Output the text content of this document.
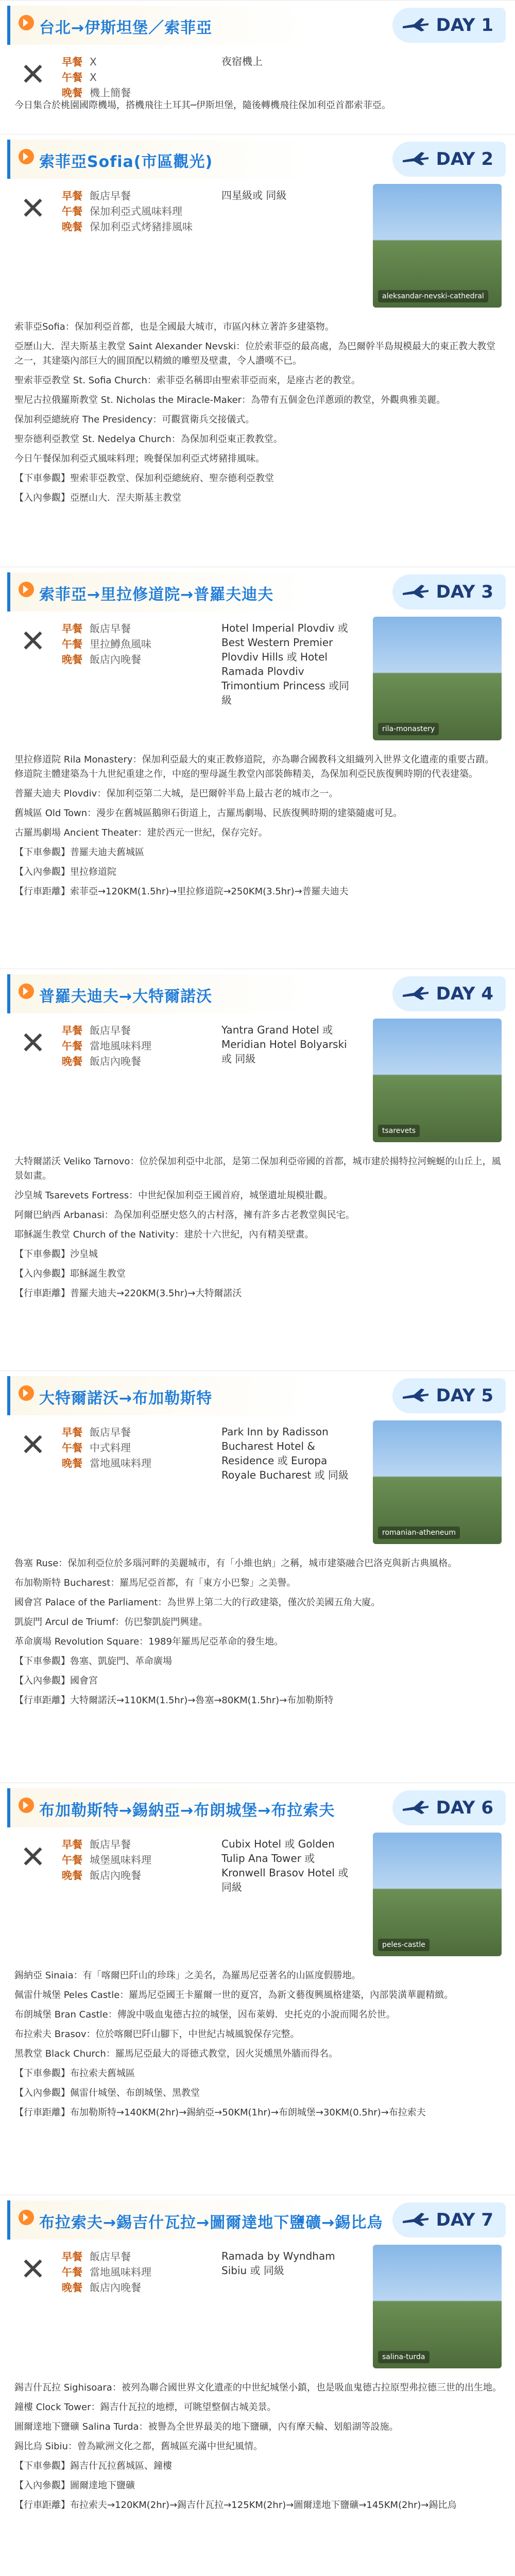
台北→伊斯坦堡／索菲亞	DAY 1
✕	早餐 X
午餐 X
晚餐 機上簡餐
夜宿機上

今日集合於桃園國際機場，搭機飛往土耳其─伊斯坦堡，隨後轉機飛往保加利亞首都索菲亞。

索菲亞Sofia(市區觀光)	DAY 2
✕	早餐 飯店早餐
午餐 保加利亞式風味料理
晚餐 保加利亞式烤豬排風味
四星級或 同級
aleksandar-nevski-cathedral

索菲亞Sofia：保加利亞首都，也是全國最大城市，市區內林立著許多建築物。

亞歷山大．涅夫斯基主教堂 Saint Alexander Nevski：位於索菲亞的最高處，為巴爾幹半島規模最大的東正教大教堂之一，其建築內部巨大的圓頂配以精緻的雕塑及壁畫，令人讚嘆不已。

聖索菲亞教堂 St. Sofia Church：索菲亞名稱即由聖索菲亞而來，是座古老的教堂。

聖尼古拉俄羅斯教堂 St. Nicholas the Miracle-Maker：為帶有五個金色洋蔥頭的教堂，外觀典雅美麗。

保加利亞總統府 The Presidency：可觀賞衛兵交接儀式。

聖奈德利亞教堂 St. Nedelya Church：為保加利亞東正教教堂。

今日午餐保加利亞式風味料理；晚餐保加利亞式烤豬排風味。

【下車參觀】聖索菲亞教堂、保加利亞總統府、聖奈德利亞教堂

【入內參觀】亞歷山大．涅夫斯基主教堂

索菲亞→里拉修道院→普羅夫迪夫	DAY 3
✕	早餐 飯店早餐
午餐 里拉鱒魚風味
晚餐 飯店內晚餐
Hotel Imperial Plovdiv 或 Best Western Premier Plovdiv Hills 或 Hotel Ramada Plovdiv Trimontium Princess 或同級
rila-monastery

里拉修道院 Rila Monastery：保加利亞最大的東正教修道院，亦為聯合國教科文組織列入世界文化遺產的重要古蹟。修道院主體建築為十九世紀重建之作，中庭的聖母誕生教堂內部裝飾精美，為保加利亞民族復興時期的代表建築。

普羅夫迪夫 Plovdiv：保加利亞第二大城，是巴爾幹半島上最古老的城市之一。

舊城區 Old Town：漫步在舊城區鵝卵石街道上，古羅馬劇場、民族復興時期的建築隨處可見。

古羅馬劇場 Ancient Theater：建於西元一世紀，保存完好。

【下車參觀】普羅夫迪夫舊城區

【入內參觀】里拉修道院

【行車距離】索菲亞→120KM(1.5hr)→里拉修道院→250KM(3.5hr)→普羅夫迪夫

普羅夫迪夫→大特爾諾沃	DAY 4
✕	早餐 飯店早餐
午餐 當地風味料理
晚餐 飯店內晚餐
Yantra Grand Hotel 或 Meridian Hotel Bolyarski 或 同級
tsarevets

大特爾諾沃 Veliko Tarnovo：位於保加利亞中北部，是第二保加利亞帝國的首都，城市建於揚特拉河蜿蜒的山丘上，風景如畫。

沙皇城 Tsarevets Fortress：中世紀保加利亞王國首府，城堡遺址規模壯觀。

阿爾巴納西 Arbanasi：為保加利亞歷史悠久的古村落，擁有許多古老教堂與民宅。

耶穌誕生教堂 Church of the Nativity：建於十六世紀，內有精美壁畫。

【下車參觀】沙皇城

【入內參觀】耶穌誕生教堂

【行車距離】普羅夫迪夫→220KM(3.5hr)→大特爾諾沃

大特爾諾沃→布加勒斯特	DAY 5
✕	早餐 飯店早餐
午餐 中式料理
晚餐 當地風味料理
Park Inn by Radisson Bucharest Hotel & Residence 或 Europa Royale Bucharest 或 同級
romanian-atheneum

魯塞 Ruse：保加利亞位於多瑙河畔的美麗城市，有「小維也納」之稱，城市建築融合巴洛克與新古典風格。

布加勒斯特 Bucharest：羅馬尼亞首都，有「東方小巴黎」之美譽。

國會宮 Palace of the Parliament：為世界上第二大的行政建築，僅次於美國五角大廈。

凱旋門 Arcul de Triumf：仿巴黎凱旋門興建。

革命廣場 Revolution Square：1989年羅馬尼亞革命的發生地。

【下車參觀】魯塞、凱旋門、革命廣場

【入內參觀】國會宮

【行車距離】大特爾諾沃→110KM(1.5hr)→魯塞→80KM(1.5hr)→布加勒斯特

布加勒斯特→錫納亞→布朗城堡→布拉索夫	DAY 6
✕	早餐 飯店早餐
午餐 城堡風味料理
晚餐 飯店內晚餐
Cubix Hotel 或 Golden Tulip Ana Tower 或 Kronwell Brasov Hotel 或 同級
peles-castle

錫納亞 Sinaia：有「喀爾巴阡山的珍珠」之美名，為羅馬尼亞著名的山區度假勝地。

佩雷什城堡 Peles Castle：羅馬尼亞國王卡羅爾一世的夏宮，為新文藝復興風格建築，內部裝潢華麗精緻。

布朗城堡 Bran Castle：傳說中吸血鬼德古拉的城堡，因布萊姆．史托克的小說而聞名於世。

布拉索夫 Brasov：位於喀爾巴阡山腳下，中世紀古城風貌保存完整。

黑教堂 Black Church：羅馬尼亞最大的哥德式教堂，因火災燻黑外牆而得名。

【下車參觀】布拉索夫舊城區

【入內參觀】佩雷什城堡、布朗城堡、黑教堂

【行車距離】布加勒斯特→140KM(2hr)→錫納亞→50KM(1hr)→布朗城堡→30KM(0.5hr)→布拉索夫

布拉索夫→錫吉什瓦拉→圖爾達地下鹽礦→錫比烏	DAY 7
✕	早餐 飯店早餐
午餐 當地風味料理
晚餐 飯店內晚餐
Ramada by Wyndham Sibiu 或 同級
salina-turda

錫吉什瓦拉 Sighisoara：被列為聯合國世界文化遺產的中世紀城堡小鎮，也是吸血鬼德古拉原型弗拉德三世的出生地。

鐘樓 Clock Tower：錫吉什瓦拉的地標，可眺望整個古城美景。

圖爾達地下鹽礦 Salina Turda：被譽為全世界最美的地下鹽礦，內有摩天輪、划船湖等設施。

錫比烏 Sibiu：曾為歐洲文化之都，舊城區充滿中世紀風情。

【下車參觀】錫吉什瓦拉舊城區、鐘樓

【入內參觀】圖爾達地下鹽礦

【行車距離】布拉索夫→120KM(2hr)→錫吉什瓦拉→125KM(2hr)→圖爾達地下鹽礦→145KM(2hr)→錫比烏
